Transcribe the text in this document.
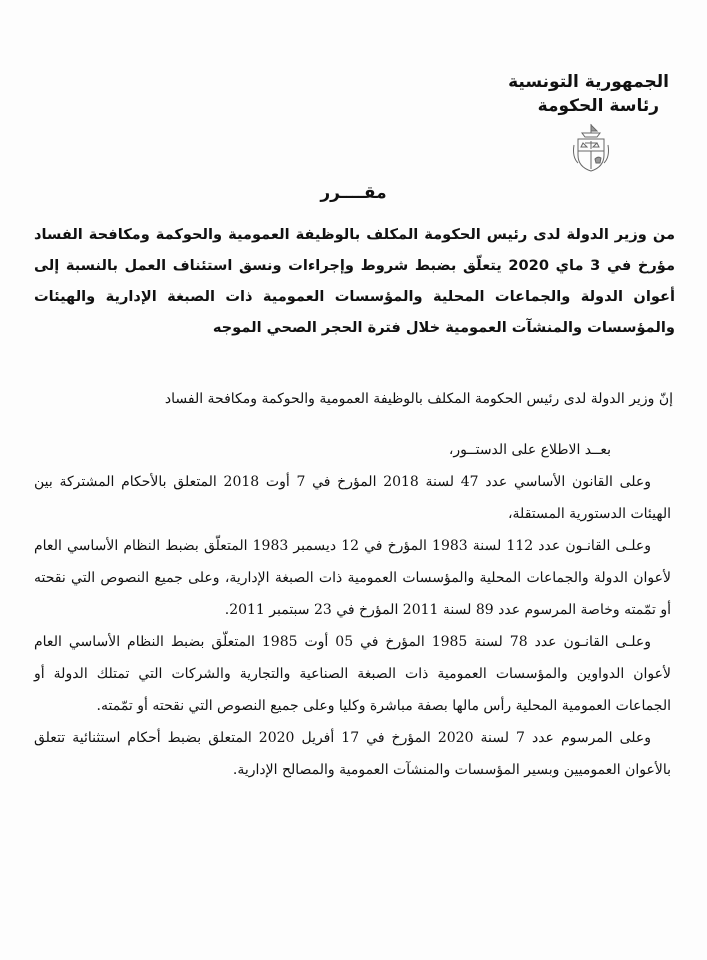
الجمهورية التونسية
رئاسة الحكومة
مقــــرر
من وزير الدولة لدى رئيس الحكومة المكلف بالوظيفة العمومية والحوكمة ومكافحة الفساد مؤرخ في 3 ماي 2020 يتعلّق بضبط شروط وإجراءات ونسق استئناف العمل بالنسبة إلى أعوان الدولة والجماعات المحلية والمؤسسات العمومية ذات الصبغة الإدارية والهيئات والمؤسسات والمنشآت العمومية خلال فترة الحجر الصحي الموجه
إنّ وزير الدولة لدى رئيس الحكومة المكلف بالوظيفة العمومية والحوكمة ومكافحة الفساد

بعــد الاطلاع على الدستــور،

وعلى القانون الأساسي عدد 47 لسنة 2018 المؤرخ في 7 أوت 2018 المتعلق بالأحكام المشتركة بين الهيئات الدستورية المستقلة،

وعلـى القانـون عدد 112 لسنة 1983 المؤرخ في 12 ديسمبر 1983 المتعلّق بضبط النظام الأساسي العام لأعوان الدولة والجماعات المحلية والمؤسسات العمومية ذات الصبغة الإدارية، وعلى جميع النصوص التي نقحته أو تمّمته وخاصة المرسوم عدد 89 لسنة 2011 المؤرخ في 23 سبتمبر 2011.

وعلـى القانـون عدد 78 لسنة 1985 المؤرخ في 05 أوت 1985 المتعلّق بضبط النظام الأساسي العام لأعوان الدواوين والمؤسسات العمومية ذات الصبغة الصناعية والتجارية والشركات التي تمتلك الدولة أو الجماعات العمومية المحلية رأس مالها بصفة مباشرة وكليا وعلى جميع النصوص التي نقحته أو تمّمته.

وعلى المرسوم عدد 7 لسنة 2020 المؤرخ في 17 أفريل 2020 المتعلق بضبط أحكام استثنائية تتعلق بالأعوان العموميين وبسير المؤسسات والمنشآت العمومية والمصالح الإدارية.
